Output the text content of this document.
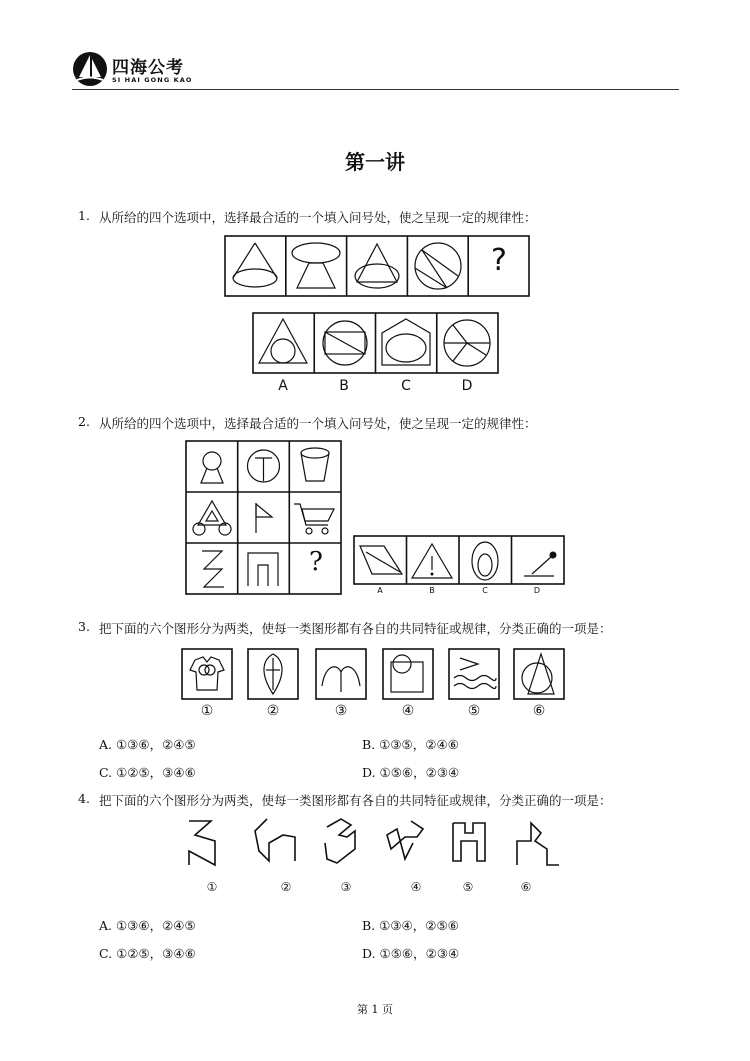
四海公考
SI HAI GONG KAO
第一讲
1. 从所给的四个选项中，选择最合适的一个填入问号处，使之呈现一定的规律性：
?
A	B	C	D
2. 从所给的四个选项中，选择最合适的一个填入问号处，使之呈现一定的规律性：
?
A	B	C	D
3. 把下面的六个图形分为两类，使每一类图形都有各自的共同特征或规律，分类正确的一项是：
①	②	③	④	⑤	⑥
A. ①③⑥，②④⑤	B. ①③⑤，②④⑥
C. ①②⑤，③④⑥	D. ①⑤⑥，②③④
4. 把下面的六个图形分为两类，使每一类图形都有各自的共同特征或规律，分类正确的一项是：
①	②	③	④	⑤	⑥
A. ①③⑥，②④⑤	B. ①③④，②⑤⑥
C. ①②⑤，③④⑥	D. ①⑤⑥，②③④
第 1 页
